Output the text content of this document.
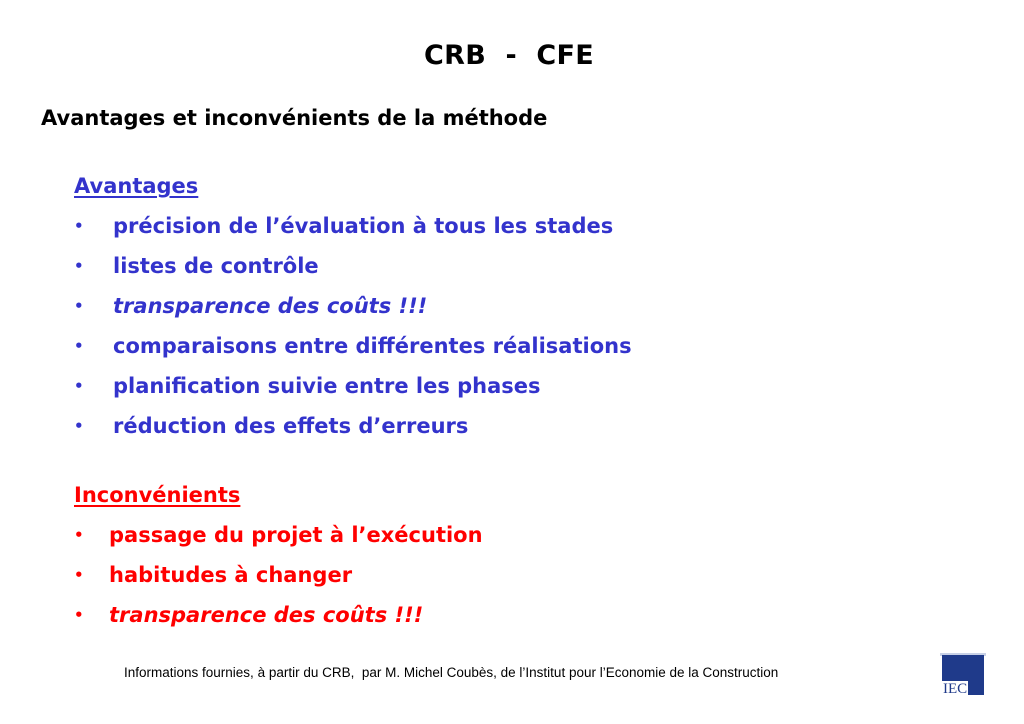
CRB  -  CFE
Avantages et inconvénients de la méthode
Avantages
•	précision de l’évaluation à tous les stades
•	listes de contrôle
•	transparence des coûts !!!
•	comparaisons entre différentes réalisations
•	planification suivie entre les phases
•	réduction des effets d’erreurs
Inconvénients
•	passage du projet à l’exécution
•	habitudes à changer
•	transparence des coûts !!!
Informations fournies, à partir du CRB,  par M. Michel Coubès, de l’Institut pour l’Economie de la Construction
IEC
